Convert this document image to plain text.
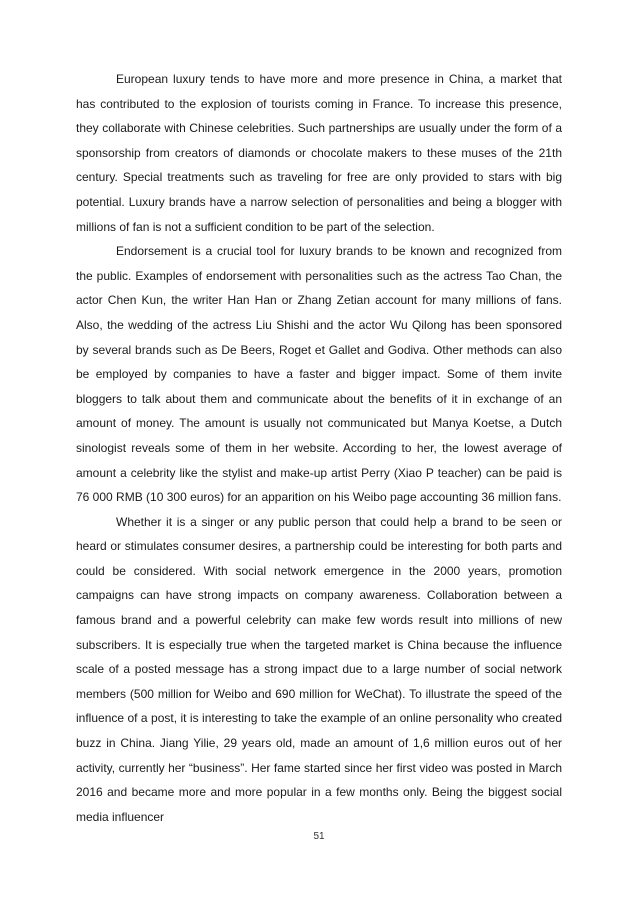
European luxury tends to have more and more presence in China, a market that has contributed to the explosion of tourists coming in France. To increase this presence, they collaborate with Chinese celebrities. Such partnerships are usually under the form of a sponsorship from creators of diamonds or chocolate makers to these muses of the 21th century. Special treatments such as traveling for free are only provided to stars with big potential. Luxury brands have a narrow selection of personalities and being a blogger with millions of fan is not a sufficient condition to be part of the selection.

Endorsement is a crucial tool for luxury brands to be known and recognized from the public. Examples of endorsement with personalities such as the actress Tao Chan, the actor Chen Kun, the writer Han Han or Zhang Zetian account for many millions of fans. Also, the wedding of the actress Liu Shishi and the actor Wu Qilong has been sponsored by several brands such as De Beers, Roget et Gallet and Godiva. Other methods can also be employed by companies to have a faster and bigger impact. Some of them invite bloggers to talk about them and communicate about the benefits of it in exchange of an amount of money. The amount is usually not communicated but Manya Koetse, a Dutch sinologist reveals some of them in her website. According to her, the lowest average of amount a celebrity like the stylist and make-up artist Perry (Xiao P teacher) can be paid is 76 000 RMB (10 300 euros) for an apparition on his Weibo page accounting 36 million fans.

Whether it is a singer or any public person that could help a brand to be seen or heard or stimulates consumer desires, a partnership could be interesting for both parts and could be considered. With social network emergence in the 2000 years, promotion campaigns can have strong impacts on company awareness. Collaboration between a famous brand and a powerful celebrity can make few words result into millions of new subscribers. It is especially true when the targeted market is China because the influence scale of a posted message has a strong impact due to a large number of social network members (500 million for Weibo and 690 million for WeChat). To illustrate the speed of the influence of a post, it is interesting to take the example of an online personality who created buzz in China. Jiang Yilie, 29 years old, made an amount of 1,6 million euros out of her activity, currently her “business”. Her fame started since her first video was posted in March 2016 and became more and more popular in a few months only. Being the biggest social media influencer

51
